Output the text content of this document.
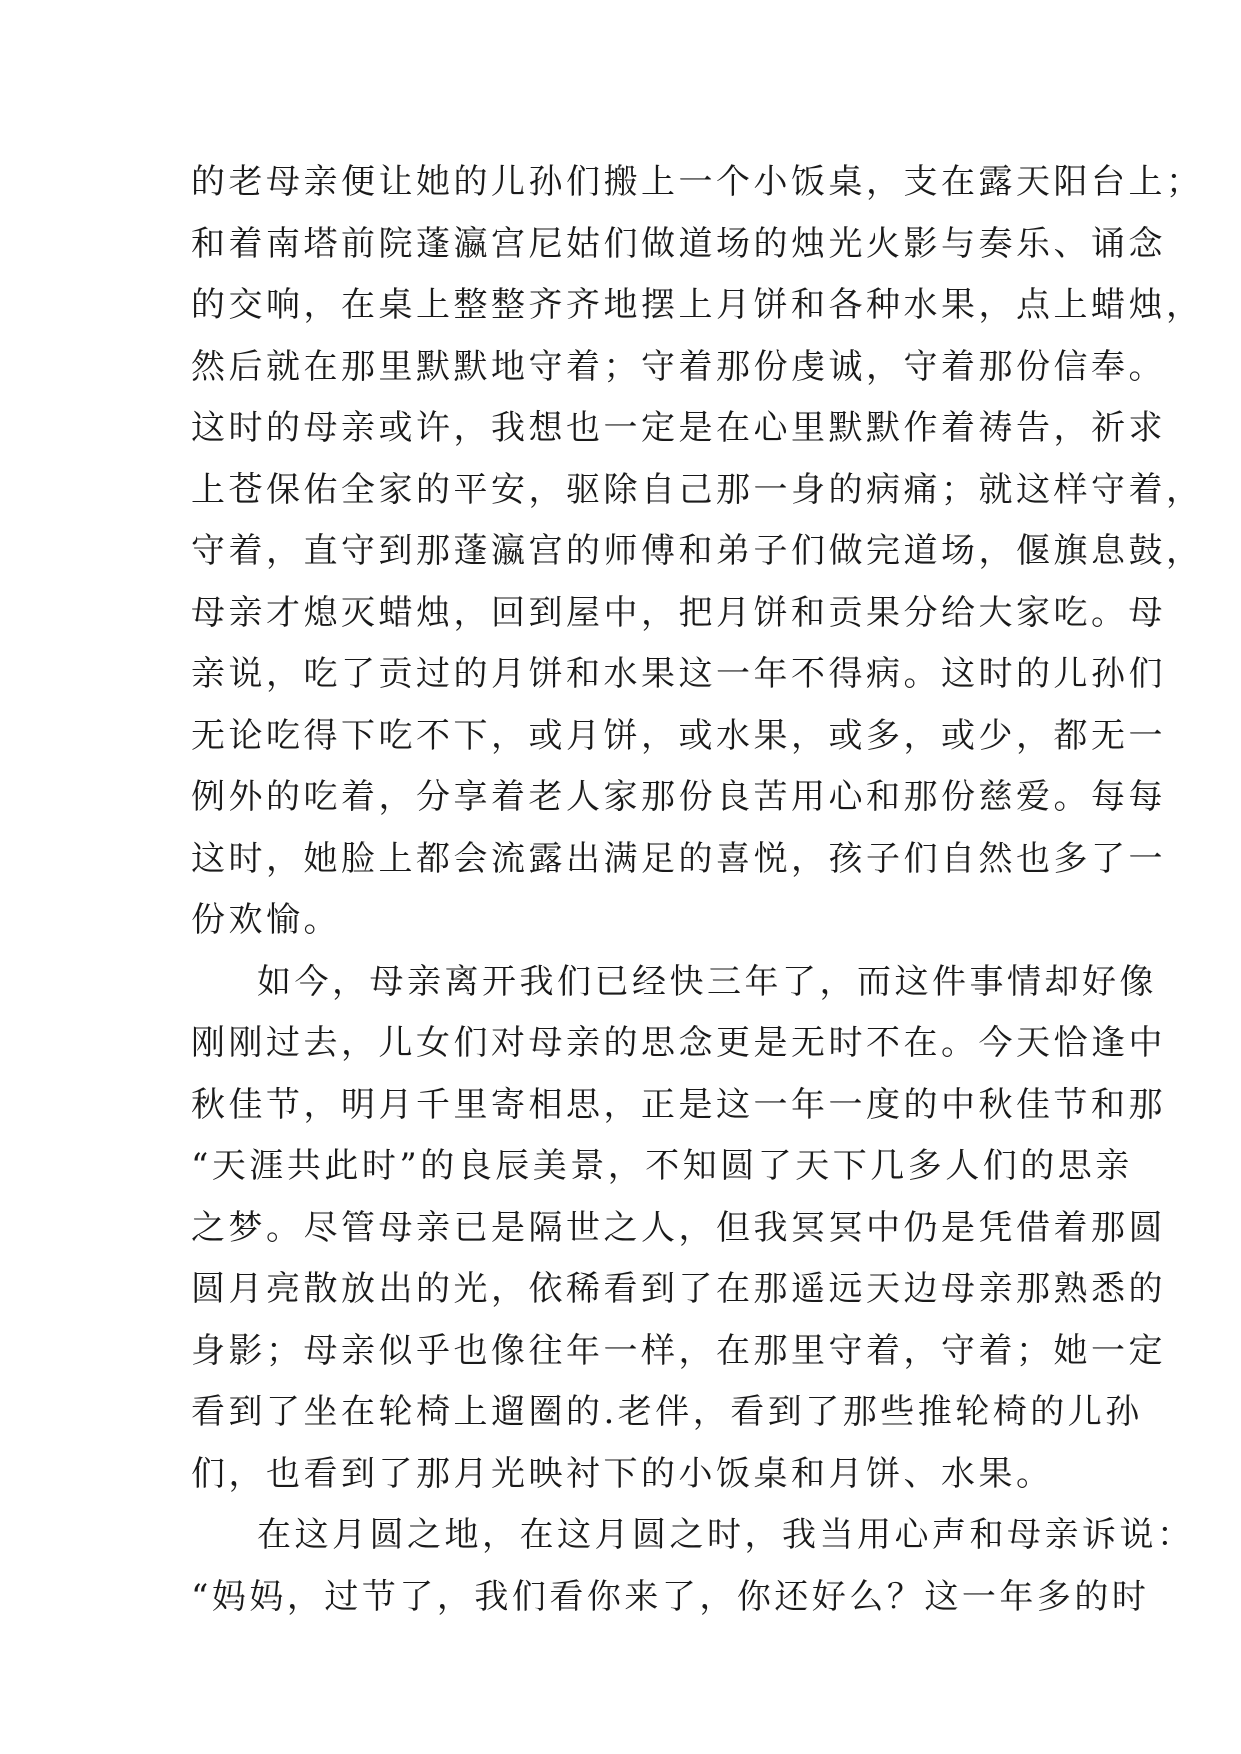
的老母亲便让她的儿孙们搬上一个小饭桌，支在露天阳台上；
和着南塔前院蓬瀛宫尼姑们做道场的烛光火影与奏乐、诵念
的交响，在桌上整整齐齐地摆上月饼和各种水果，点上蜡烛，
然后就在那里默默地守着；守着那份虔诚，守着那份信奉。
这时的母亲或许，我想也一定是在心里默默作着祷告，祈求
上苍保佑全家的平安，驱除自己那一身的病痛；就这样守着，
守着，直守到那蓬瀛宫的师傅和弟子们做完道场，偃旗息鼓，
母亲才熄灭蜡烛，回到屋中，把月饼和贡果分给大家吃。母
亲说，吃了贡过的月饼和水果这一年不得病。这时的儿孙们
无论吃得下吃不下，或月饼，或水果，或多，或少，都无一
例外的吃着，分享着老人家那份良苦用心和那份慈爱。每每
这时，她脸上都会流露出满足的喜悦，孩子们自然也多了一
份欢愉。
如今，母亲离开我们已经快三年了，而这件事情却好像
刚刚过去，儿女们对母亲的思念更是无时不在。今天恰逢中
秋佳节，明月千里寄相思，正是这一年一度的中秋佳节和那
“天涯共此时”的良辰美景，不知圆了天下几多人们的思亲
之梦。尽管母亲已是隔世之人，但我冥冥中仍是凭借着那圆
圆月亮散放出的光，依稀看到了在那遥远天边母亲那熟悉的
身影；母亲似乎也像往年一样，在那里守着，守着；她一定
看到了坐在轮椅上遛圈的.老伴，看到了那些推轮椅的儿孙
们，也看到了那月光映衬下的小饭桌和月饼、水果。
在这月圆之地，在这月圆之时，我当用心声和母亲诉说：
“妈妈，过节了，我们看你来了，你还好么？这一年多的时
